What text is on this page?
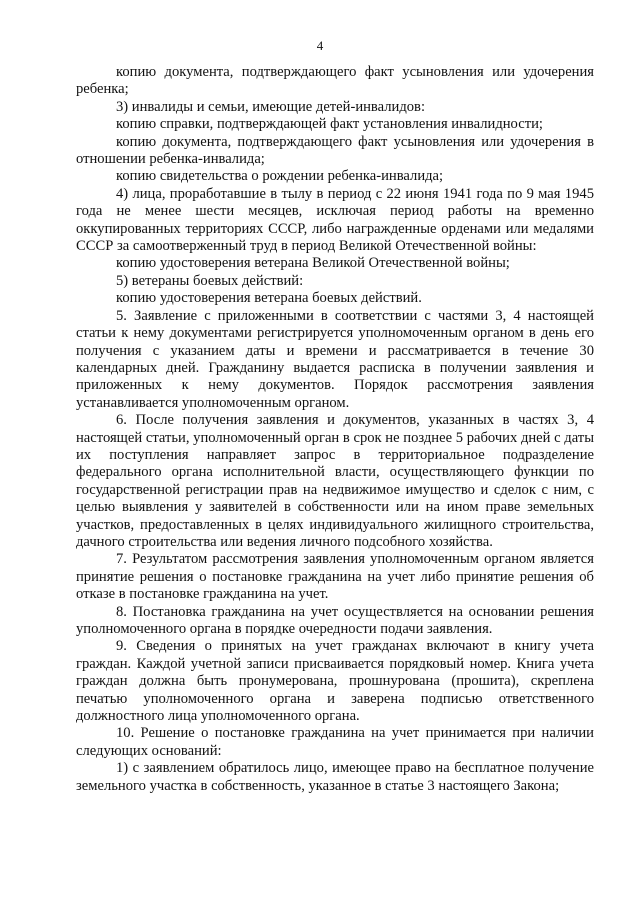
4

копию документа, подтверждающего факт усыновления или удочерения ребенка;

3) инвалиды и семьи, имеющие детей-инвалидов:

копию справки, подтверждающей факт установления инвалидности;

копию документа, подтверждающего факт усыновления или удочерения в отношении ребенка-инвалида;

копию свидетельства о рождении ребенка-инвалида;

4) лица, проработавшие в тылу в период с 22 июня 1941 года по 9 мая 1945 года не менее шести месяцев, исключая период работы на временно оккупированных территориях СССР, либо награжденные орденами или медалями СССР за самоотверженный труд в период Великой Отечественной войны:

копию удостоверения ветерана Великой Отечественной войны;

5) ветераны боевых действий:

копию удостоверения ветерана боевых действий.

5. Заявление с приложенными в соответствии с частями 3, 4 настоящей статьи к нему документами регистрируется уполномоченным органом в день его получения с указанием даты и времени и рассматривается в течение 30 календарных дней. Гражданину выдается расписка в получении заявления и приложенных к нему документов. Порядок рассмотрения заявления устанавливается уполномоченным органом.

6. После получения заявления и документов, указанных в частях 3, 4 настоящей статьи, уполномоченный орган в срок не позднее 5 рабочих дней с даты их поступления направляет запрос в территориальное подразделение федерального органа исполнительной власти, осуществляющего функции по государственной регистрации прав на недвижимое имущество и сделок с ним, с целью выявления у заявителей в собственности или на ином праве земельных участков, предоставленных в целях индивидуального жилищного строительства, дачного строительства или ведения личного подсобного хозяйства.

7. Результатом рассмотрения заявления уполномоченным органом является принятие решения о постановке гражданина на учет либо принятие решения об отказе в постановке гражданина на учет.

8. Постановка гражданина на учет осуществляется на основании решения уполномоченного органа в порядке очередности подачи заявления.

9. Сведения о принятых на учет гражданах включают в книгу учета граждан. Каждой учетной записи присваивается порядковый номер. Книга учета граждан должна быть пронумерована, прошнурована (прошита), скреплена печатью уполномоченного органа и заверена подписью ответственного должностного лица уполномоченного органа.

10. Решение о постановке гражданина на учет принимается при наличии следующих оснований:

1) с заявлением обратилось лицо, имеющее право на бесплатное получение земельного участка в собственность, указанное в статье 3 настоящего Закона;
